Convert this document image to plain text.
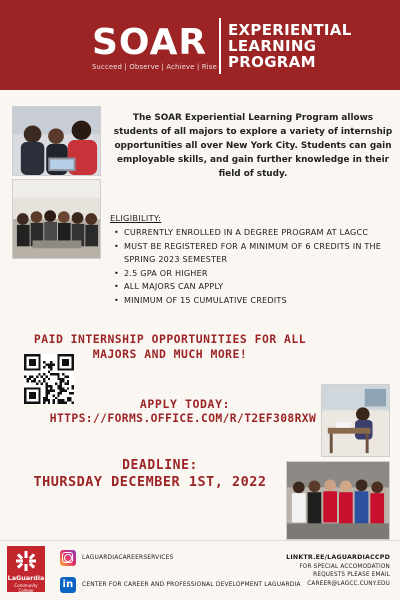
SOAR
Succeed | Observe | Achieve | Rise
EXPERIENTIAL
LEARNING
PROGRAM
The SOAR Experiential Learning Program allows students of all majors to explore a variety of internship opportunities all over New York City. Students can gain employable skills, and gain further knowledge in their field of study.
ELIGIBILITY:
• CURRENTLY ENROLLED IN A DEGREE PROGRAM AT LAGCC
• MUST BE REGISTERED FOR A MINIMUM OF 6 CREDITS IN THE SPRING 2023 SEMESTER
• 2.5 GPA OR HIGHER
• ALL MAJORS CAN APPLY
• MINIMUM OF 15 CUMULATIVE CREDITS
PAID INTERNSHIP OPPORTUNITIES FOR ALL MAJORS AND MUCH MORE!
APPLY TODAY:
HTTPS://FORMS.OFFICE.COM/R/T2EF308RXW
DEADLINE:
THURSDAY DECEMBER 1ST, 2022
LaGuardia
Community College
LAGUARDIACAREERSERVICES
in	CENTER FOR CAREER AND PROFESSIONAL DEVELOPMENT LAGUARDIA
LINKTR.EE/LAGUARDIACCPD
FOR SPECIAL ACCOMODATION
REQUESTS PLEASE EMAIL
CAREER@LAGCC.CUNY.EDU
